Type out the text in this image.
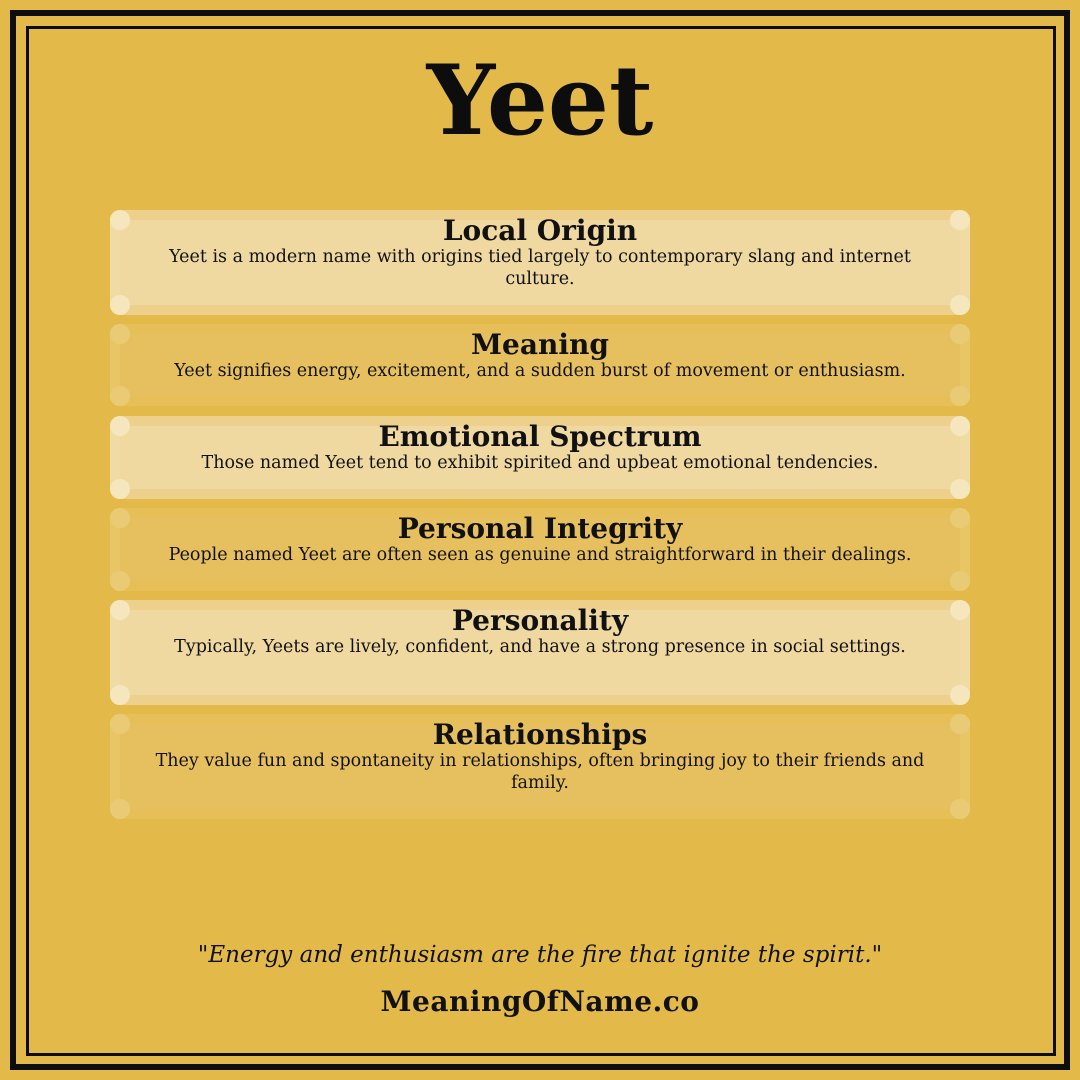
Yeet
Local Origin
Yeet is a modern name with origins tied largely to contemporary slang and internet culture.
Meaning
Yeet signifies energy, excitement, and a sudden burst of movement or enthusiasm.
Emotional Spectrum
Those named Yeet tend to exhibit spirited and upbeat emotional tendencies.
Personal Integrity
People named Yeet are often seen as genuine and straightforward in their dealings.
Personality
Typically, Yeets are lively, confident, and have a strong presence in social settings.
Relationships
They value fun and spontaneity in relationships, often bringing joy to their friends and family.
"Energy and enthusiasm are the fire that ignite the spirit."
MeaningOfName.co
